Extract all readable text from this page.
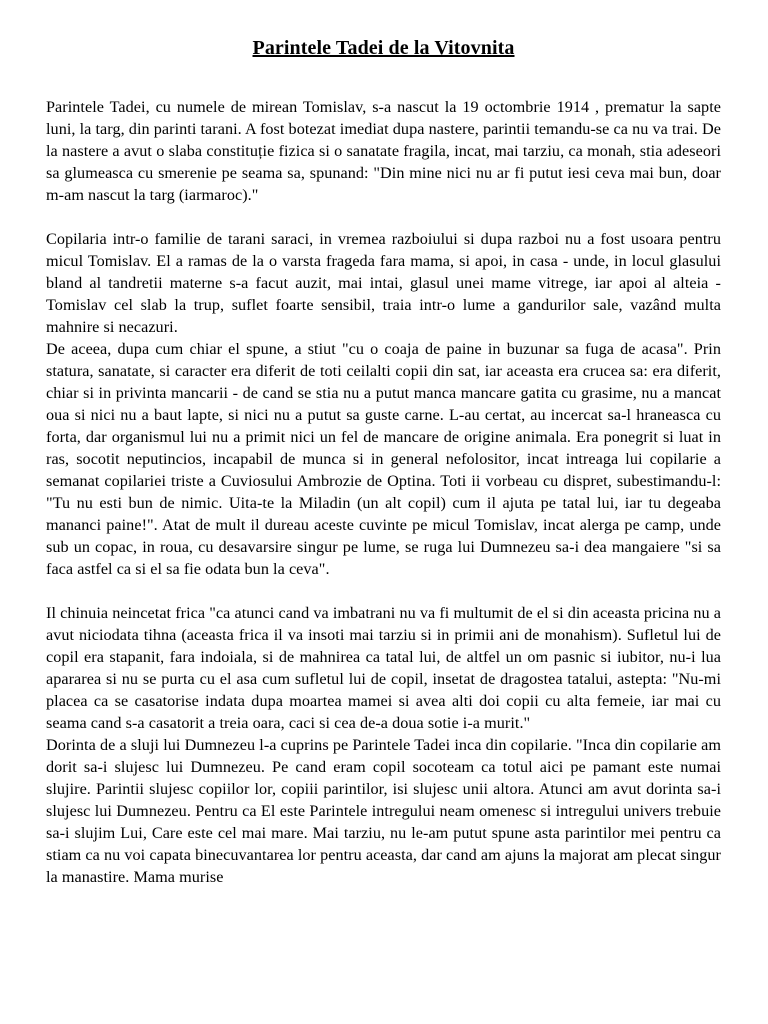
Parintele Tadei de la Vitovnita

Parintele Tadei, cu numele de mirean Tomislav, s-a nascut la 19 octombrie 1914 , prematur la sapte luni, la targ, din parinti tarani. A fost botezat imediat dupa nastere, parintii temandu-se ca nu va trai. De la nastere a avut o slaba constituție fizica si o sanatate fragila, incat, mai tarziu, ca monah, stia adeseori sa glumeasca cu smerenie pe seama sa, spunand: "Din mine nici nu ar fi putut iesi ceva mai bun, doar m-am nascut la targ (iarmaroc)."

Copilaria intr-o familie de tarani saraci, in vremea razboiului si dupa razboi nu a fost usoara pentru micul Tomislav. El a ramas de la o varsta frageda fara mama, si apoi, in casa - unde, in locul glasului bland al tandretii materne s-a facut auzit, mai intai, glasul unei mame vitrege, iar apoi al alteia - Tomislav cel slab la trup, suflet foarte sensibil, traia intr-o lume a gandurilor sale, vazând multa mahnire si necazuri.

De aceea, dupa cum chiar el spune, a stiut "cu o coaja de paine in buzunar sa fuga de acasa". Prin statura, sanatate, si caracter era diferit de toti ceilalti copii din sat, iar aceasta era crucea sa: era diferit, chiar si in privinta mancarii - de cand se stia nu a putut manca mancare gatita cu grasime, nu a mancat oua si nici nu a baut lapte, si nici nu a putut sa guste carne. L-au certat, au incercat sa-l hraneasca cu forta, dar organismul lui nu a primit nici un fel de mancare de origine animala. Era ponegrit si luat in ras, socotit neputincios, incapabil de munca si in general nefolositor, incat intreaga lui copilarie a semanat copilariei triste a Cuviosului Ambrozie de Optina. Toti ii vorbeau cu dispret, subestimandu-l: "Tu nu esti bun de nimic. Uita-te la Miladin (un alt copil) cum il ajuta pe tatal lui, iar tu degeaba mananci paine!". Atat de mult il dureau aceste cuvinte pe micul Tomislav, incat alerga pe camp, unde sub un copac, in roua, cu desavarsire singur pe lume, se ruga lui Dumnezeu sa-i dea mangaiere "si sa faca astfel ca si el sa fie odata bun la ceva".

Il chinuia neincetat frica "ca atunci cand va imbatrani nu va fi multumit de el si din aceasta pricina nu a avut niciodata tihna (aceasta frica il va insoti mai tarziu si in primii ani de monahism). Sufletul lui de copil era stapanit, fara indoiala, si de mahnirea ca tatal lui, de altfel un om pasnic si iubitor, nu-i lua apararea si nu se purta cu el asa cum sufletul lui de copil, insetat de dragostea tatalui, astepta: "Nu-mi placea ca se casatorise indata dupa moartea mamei si avea alti doi copii cu alta femeie, iar mai cu seama cand s-a casatorit a treia oara, caci si cea de-a doua sotie i-a murit."

Dorinta de a sluji lui Dumnezeu l-a cuprins pe Parintele Tadei inca din copilarie. "Inca din copilarie am dorit sa-i slujesc lui Dumnezeu. Pe cand eram copil socoteam ca totul aici pe pamant este numai slujire. Parintii slujesc copiilor lor, copiii parintilor, isi slujesc unii altora. Atunci am avut dorinta sa-i slujesc lui Dumnezeu. Pentru ca El este Parintele intregului neam omenesc si intregului univers trebuie sa-i slujim Lui, Care este cel mai mare. Mai tarziu, nu le-am putut spune asta parintilor mei pentru ca stiam ca nu voi capata binecuvantarea lor pentru aceasta, dar cand am ajuns la majorat am plecat singur la manastire. Mama murise
